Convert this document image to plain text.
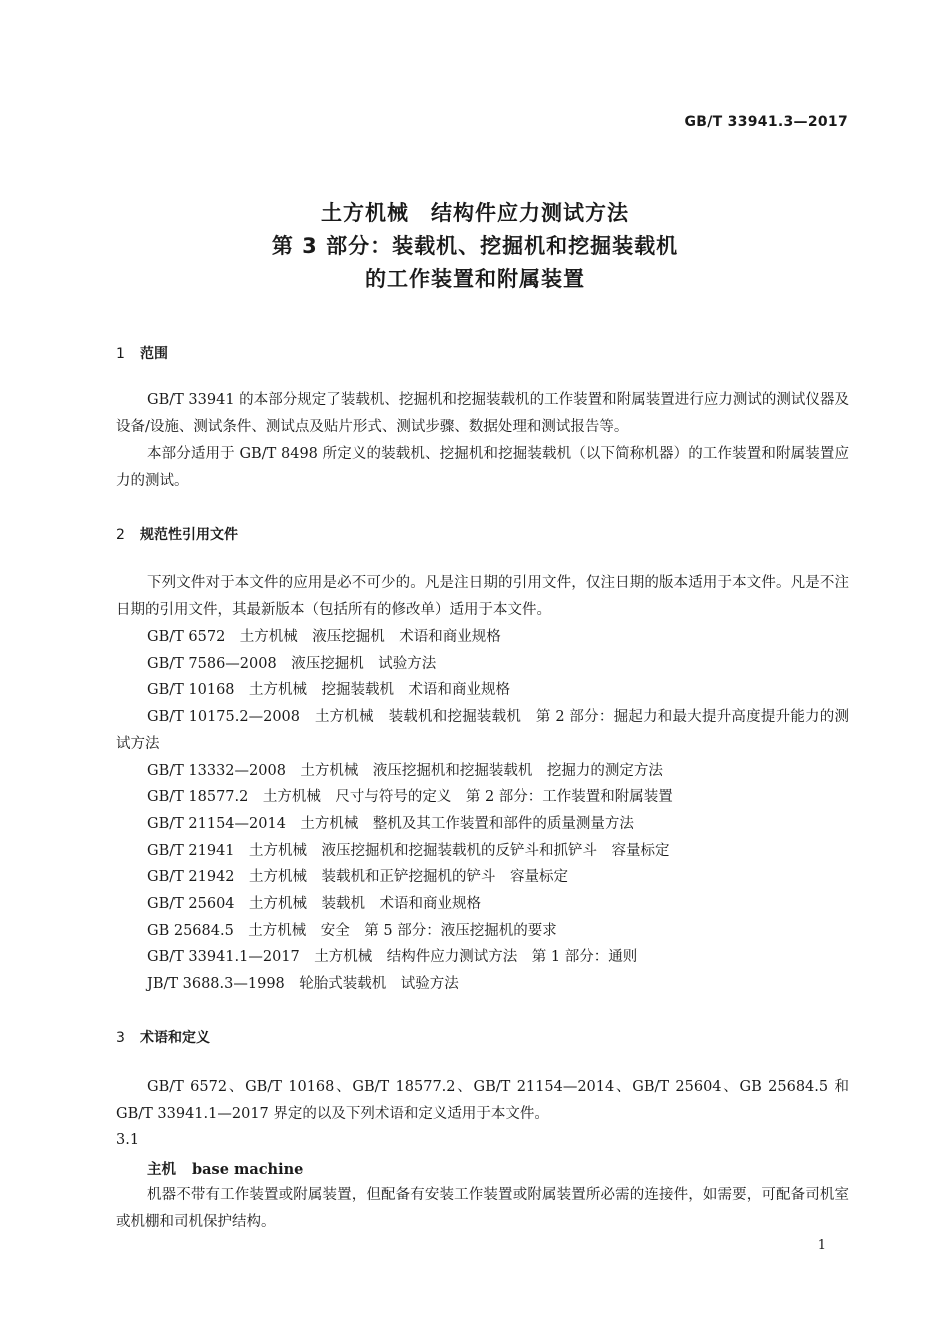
GB/T 33941.3—2017
土方机械　结构件应力测试方法
第 3 部分：装载机、挖掘机和挖掘装载机
的工作装置和附属装置
1 范围

GB/T 33941 的本部分规定了装载机、挖掘机和挖掘装载机的工作装置和附属装置进行应力测试的测试仪器及设备/设施、测试条件、测试点及贴片形式、测试步骤、数据处理和测试报告等。

本部分适用于 GB/T 8498 所定义的装载机、挖掘机和挖掘装载机（以下简称机器）的工作装置和附属装置应力的测试。

2 规范性引用文件

下列文件对于本文件的应用是必不可少的。凡是注日期的引用文件，仅注日期的版本适用于本文件。凡是不注日期的引用文件，其最新版本（包括所有的修改单）适用于本文件。

GB/T 6572　土方机械　液压挖掘机　术语和商业规格
GB/T 7586—2008　液压挖掘机　试验方法
GB/T 10168　土方机械　挖掘装载机　术语和商业规格
GB/T 10175.2—2008　土方机械　装载机和挖掘装载机　第 2 部分：掘起力和最大提升高度提升能力的测试方法
GB/T 13332—2008　土方机械　液压挖掘机和挖掘装载机　挖掘力的测定方法
GB/T 18577.2　土方机械　尺寸与符号的定义　第 2 部分：工作装置和附属装置
GB/T 21154—2014　土方机械　整机及其工作装置和部件的质量测量方法
GB/T 21941　土方机械　液压挖掘机和挖掘装载机的反铲斗和抓铲斗　容量标定
GB/T 21942　土方机械　装载机和正铲挖掘机的铲斗　容量标定
GB/T 25604　土方机械　装载机　术语和商业规格
GB 25684.5　土方机械　安全　第 5 部分：液压挖掘机的要求
GB/T 33941.1—2017　土方机械　结构件应力测试方法　第 1 部分：通则
JB/T 3688.3—1998　轮胎式装载机　试验方法
3 术语和定义

GB/T 6572、GB/T 10168、GB/T 18577.2、GB/T 21154—2014、GB/T 25604、GB 25684.5 和 GB/T 33941.1—2017 界定的以及下列术语和定义适用于本文件。

3.1
主机 base machine

机器不带有工作装置或附属装置，但配备有安装工作装置或附属装置所必需的连接件，如需要，可配备司机室或机棚和司机保护结构。

1
